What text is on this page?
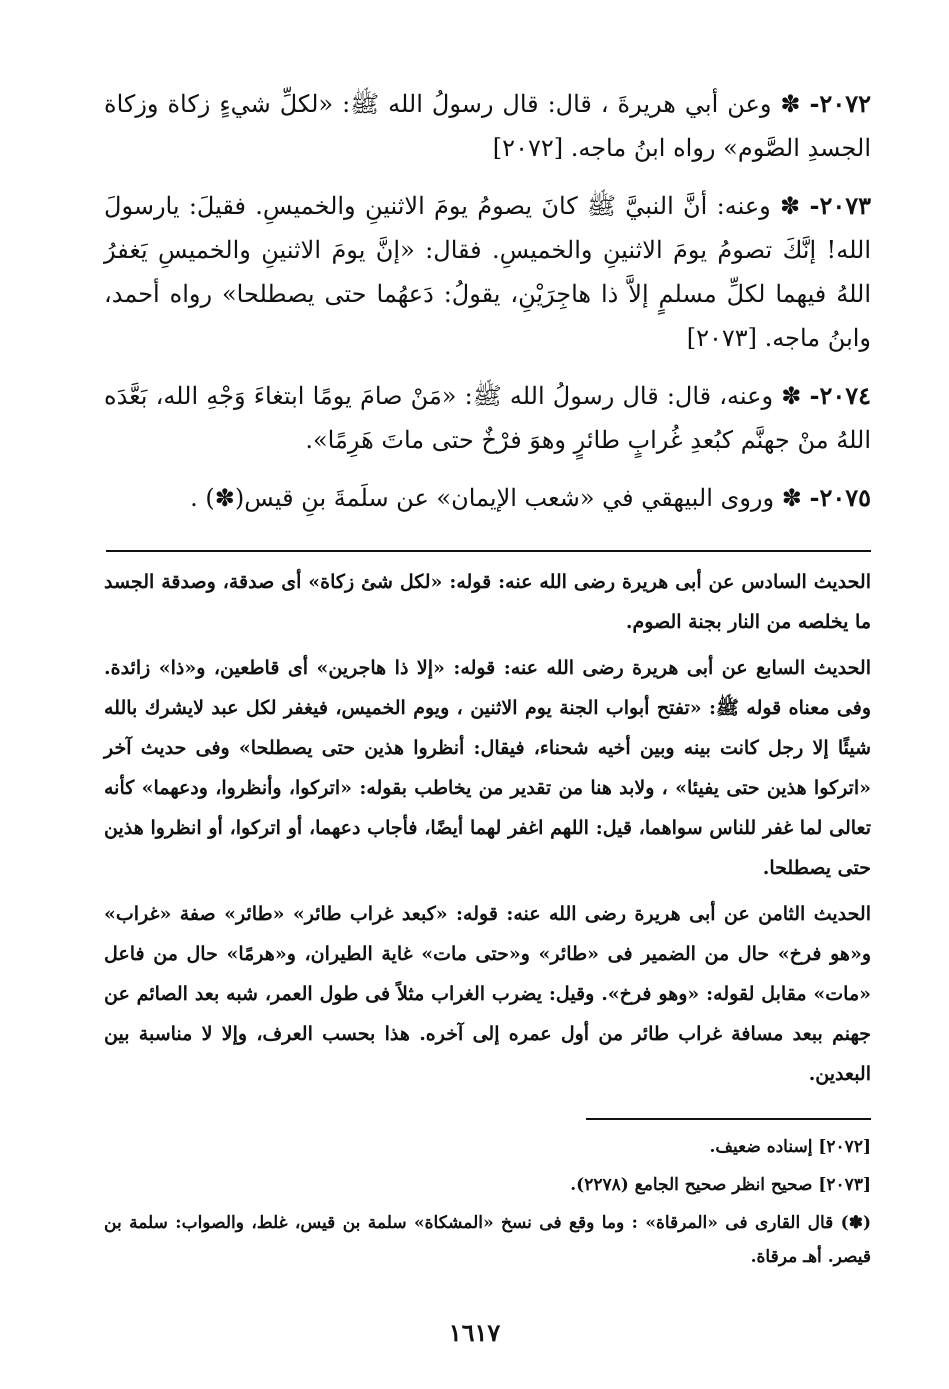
٢٠٧٢- ✽ وعن أبي هريرةَ ، قال: قال رسولُ الله ﷺ: «لكلِّ شيءٍ زكاة وزكاة الجسدِ الصَّوم» رواه ابنُ ماجه. [٢٠٧٢]

٢٠٧٣- ✽ وعنه: أنَّ النبيَّ ﷺ كانَ يصومُ يومَ الاثنينِ والخميسِ. فقيلَ: يارسولَ الله! إنَّكَ تصومُ يومَ الاثنينِ والخميسِ. فقال: «إنَّ يومَ الاثنينِ والخميسِ يَغفرُ اللهُ فيهما لكلِّ مسلمٍ إلاَّ ذا هاجِرَيْنِ، يقولُ: دَعهُما حتى يصطلحا» رواه أحمد، وابنُ ماجه. [٢٠٧٣]

٢٠٧٤- ✽ وعنه، قال: قال رسولُ الله ﷺ: «مَنْ صامَ يومًا ابتغاءَ وَجْهِ الله، بَعَّدَه اللهُ منْ جهنَّم كبُعدِ غُرابٍ طائرٍ وهوَ فرْخٌ حتى ماتَ هَرِمًا».

٢٠٧٥- ✽ وروى البيهقي في «شعب الإيمان» عن سلَمةَ بنِ قيس(✽) .

الحديث السادس عن أبى هريرة رضى الله عنه: قوله: «لكل شئ زكاة» أى صدقة، وصدقة الجسد ما يخلصه من النار بجنة الصوم.

الحديث السابع عن أبى هريرة رضى الله عنه: قوله: «إلا ذا هاجرين» أى قاطعين، و«ذا» زائدة. وفى معناه قوله ﷺ: «تفتح أبواب الجنة يوم الاثنين ، ويوم الخميس، فيغفر لكل عبد لايشرك بالله شيئًا إلا رجل كانت بينه وبين أخيه شحناء، فيقال: أنظروا هذين حتى يصطلحا» وفى حديث آخر «اتركوا هذين حتى يفيئا» ، ولابد هنا من تقدير من يخاطب بقوله: «اتركوا، وأنظروا، ودعهما» كأنه تعالى لما غفر للناس سواهما، قيل: اللهم اغفر لهما أيضًا، فأجاب دعهما، أو اتركوا، أو انظروا هذين حتى يصطلحا.

الحديث الثامن عن أبى هريرة رضى الله عنه: قوله: «كبعد غراب طائر» «طائر» صفة «غراب» و«هو فرخ» حال من الضمير فى «طائر» و«حتى مات» غاية الطيران، و«هرمًا» حال من فاعل «مات» مقابل لقوله: «وهو فرخ». وقيل: يضرب الغراب مثلاً فى طول العمر، شبه بعد الصائم عن جهنم ببعد مسافة غراب طائر من أول عمره إلى آخره. هذا بحسب العرف، وإلا لا مناسبة بين البعدين.

[٢٠٧٢] إسناده ضعيف.

[٢٠٧٣] صحيح انظر صحيح الجامع (٢٢٧٨).

(✽) قال القارى فى «المرقاة» : وما وقع فى نسخ «المشكاة» سلمة بن قيس، غلط، والصواب: سلمة بن قيصر. أهـ مرقاة.

١٦١٧
